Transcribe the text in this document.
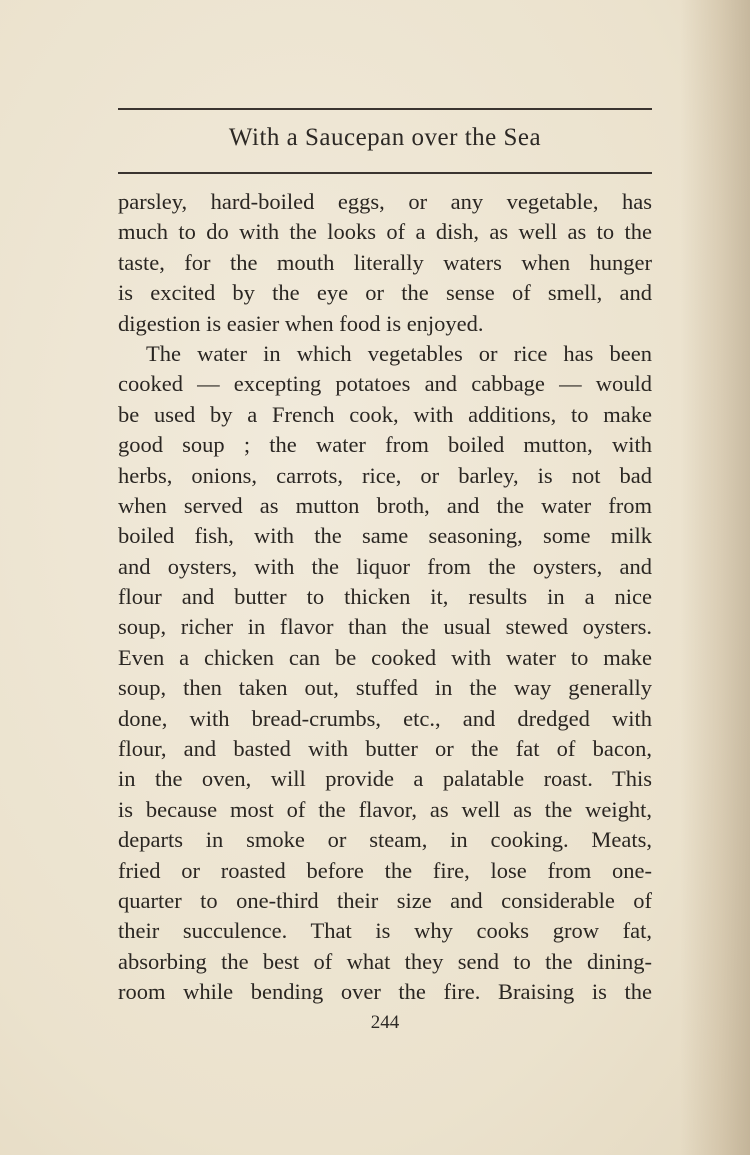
With a Saucepan over the Sea
parsley, hard-boiled eggs, or any vegetable, has
much to do with the looks of a dish, as well as to the
taste, for the mouth literally waters when hunger
is excited by the eye or the sense of smell, and
digestion is easier when food is enjoyed.
The water in which vegetables or rice has been
cooked — excepting potatoes and cabbage — would
be used by a French cook, with additions, to make
good soup ; the water from boiled mutton, with
herbs, onions, carrots, rice, or barley, is not bad
when served as mutton broth, and the water from
boiled fish, with the same seasoning, some milk
and oysters, with the liquor from the oysters, and
flour and butter to thicken it, results in a nice
soup, richer in flavor than the usual stewed oysters.
Even a chicken can be cooked with water to make
soup, then taken out, stuffed in the way generally
done, with bread-crumbs, etc., and dredged with
flour, and basted with butter or the fat of bacon,
in the oven, will provide a palatable roast. This
is because most of the flavor, as well as the weight,
departs in smoke or steam, in cooking. Meats,
fried or roasted before the fire, lose from one-
quarter to one-third their size and considerable of
their succulence. That is why cooks grow fat,
absorbing the best of what they send to the dining-
room while bending over the fire. Braising is the
244
